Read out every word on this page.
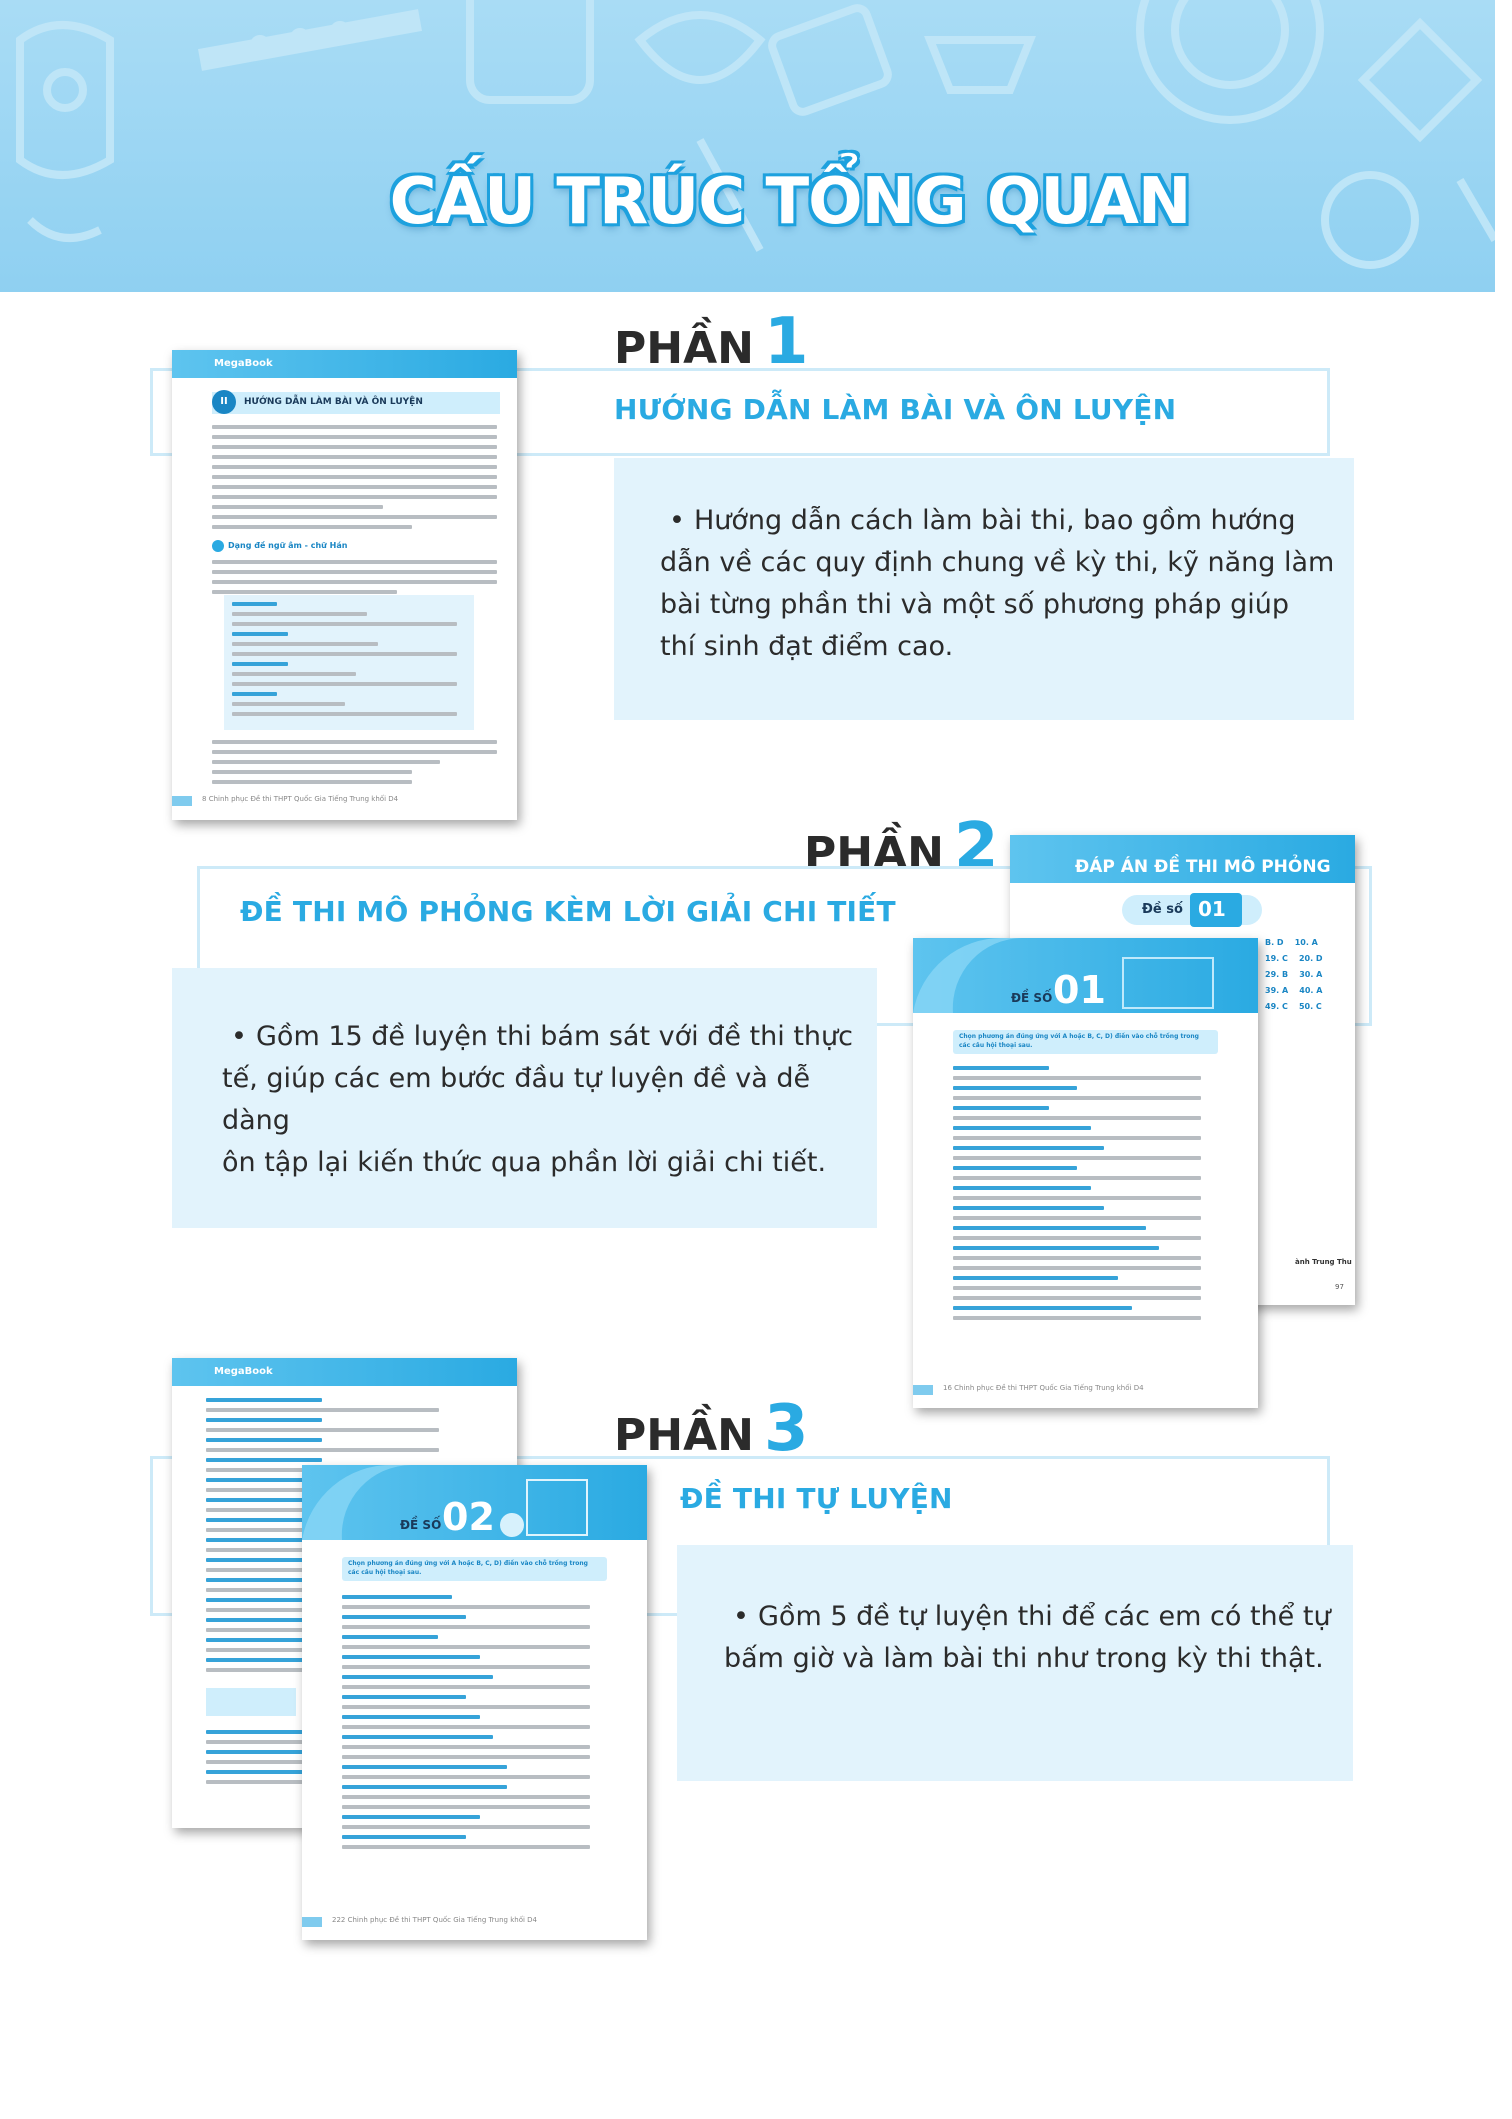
CẤU TRÚC TỔNG QUAN
PHẦN 1
HƯỚNG DẪN LÀM BÀI VÀ ÔN LUYỆN
• Hướng dẫn cách làm bài thi, bao gồm hướng
dẫn về các quy định chung về kỳ thi, kỹ năng làm
bài từng phần thi và một số phương pháp giúp
thí sinh đạt điểm cao.
MegaBook
II	HƯỚNG DẪN LÀM BÀI VÀ ÔN LUYỆN
Dạng đề ngữ âm - chữ Hán
8 Chinh phục Đề thi THPT Quốc Gia Tiếng Trung khối D4
PHẦN 2
ĐỀ THI MÔ PHỎNG KÈM LỜI GIẢI CHI TIẾT
• Gồm 15 đề luyện thi bám sát với đề thi thực
tế, giúp các em bước đầu tự luyện đề và dễ dàng
ôn tập lại kiến thức qua phần lời giải chi tiết.
ĐÁP ÁN ĐỀ THI MÔ PHỎNG
Đề số 01
B. D 10. A
19. C 20. D
29. B 30. A
39. A 40. A
49. C 50. C
ành Trung Thu
97
ĐỀ SỐ 01
Chọn phương án đúng ứng với A hoặc B, C, D) điền vào chỗ trống trong các câu hội thoại sau.
16 Chinh phục Đề thi THPT Quốc Gia Tiếng Trung khối D4
PHẦN 3
ĐỀ THI TỰ LUYỆN
• Gồm 5 đề tự luyện thi để các em có thể tự
bấm giờ và làm bài thi như trong kỳ thi thật.
MegaBook
ĐỀ SỐ 02
Chọn phương án đúng ứng với A hoặc B, C, D) điền vào chỗ trống trong các câu hội thoại sau.
222 Chinh phục Đề thi THPT Quốc Gia Tiếng Trung khối D4
